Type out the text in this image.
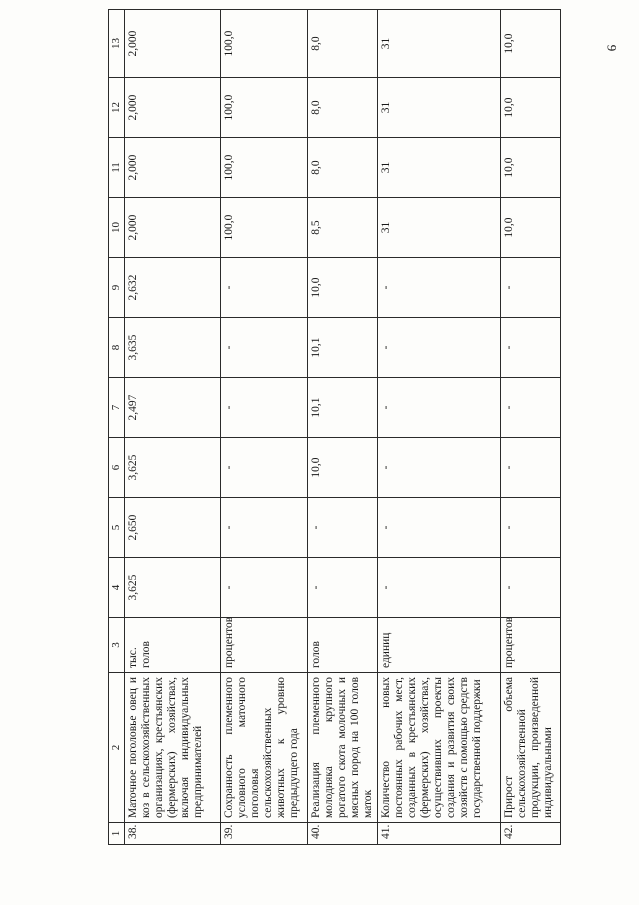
9
1	2	3	4	5	6	7	8	9	10	11	12	13
38.	Маточное поголовье овец и коз в сельскохозяйственных организациях, крестьянских (фермерских) хозяйствах, включая индивидуальных предпринимателей	тыс. голов	3,625	2,650	3,625	2,497	3,635	2,632	2,000	2,000	2,000	2,000
39.	Сохранность племенного условного маточного поголовья сельскохозяйственных животных к уровню предыдущего года	процентов	-	-	-	-	-	-	100,0	100,0	100,0	100,0
40.	Реализация племенного молодняка крупного рогатого скота молочных и мясных пород на 100 голов маток	голов	-	-	10,0	10,1	10,1	10,0	8,5	8,0	8,0	8,0
41.	Количество новых постоянных рабочих мест, созданных в крестьянских (фермерских) хозяйствах, осуществивших проекты создания и развития своих хозяйств с помощью средств государственной поддержки	единиц	-	-	-	-	-	-	31	31	31	31
42.	Прирост объема сельскохозяйственной продукции, произведенной индивидуальными	процентов	-	-	-	-	-	-	10,0	10,0	10,0	10,0
